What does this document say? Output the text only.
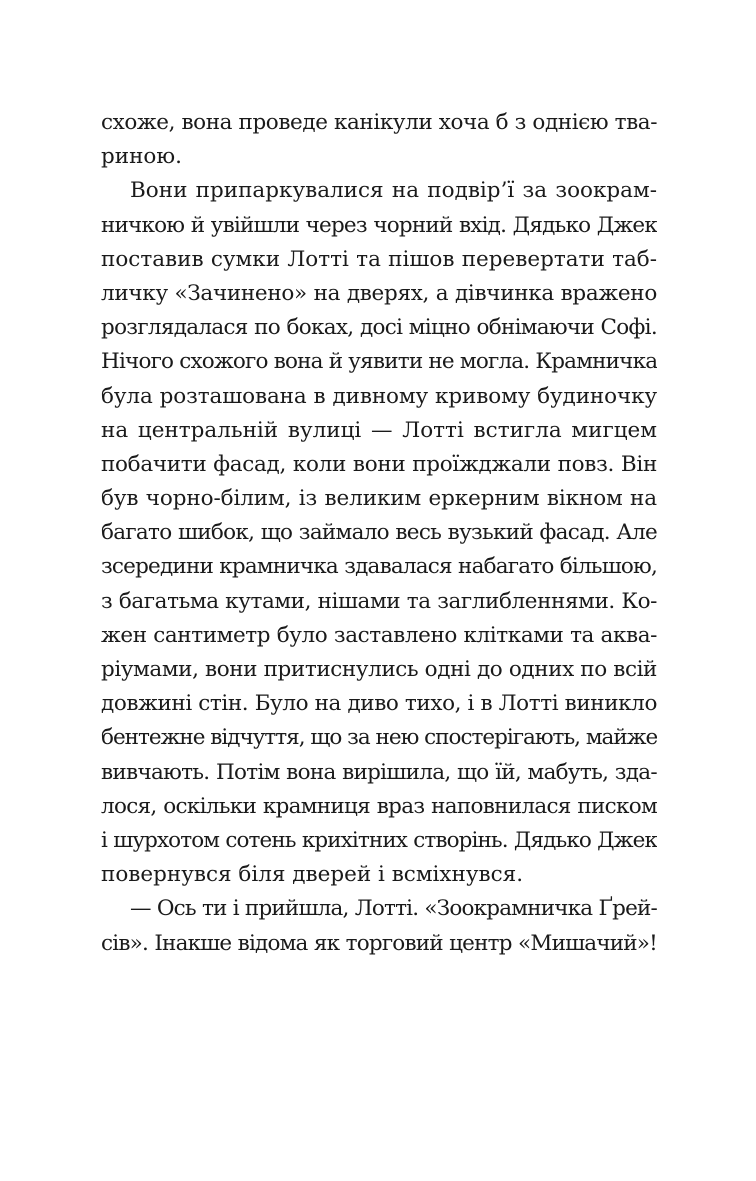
схоже, вона проведе канікули хоча б з однією тва-
риною.
Вони припаркувалися на подвір’ї за зоокрам-
ничкою й увійшли через чорний вхід. Дядько Джек
поставив сумки Лотті та пішов перевертати таб-
личку «Зачинено» на дверях, а дівчинка вражено
розглядалася по боках, досі міцно обнімаючи Софі.
Нічого схожого вона й уявити не могла. Крамничка
була розташована в дивному кривому будиночку
на центральній вулиці — Лотті встигла мигцем
побачити фасад, коли вони проїжджали повз. Він
був чорно-білим, із великим еркерним вікном на
багато шибок, що займало весь вузький фасад. Але
зсередини крамничка здавалася набагато більшою,
з багатьма кутами, нішами та заглибленнями. Ко-
жен сантиметр було заставлено клітками та аква-
ріумами, вони притиснулись одні до одних по всій
довжині стін. Було на диво тихо, і в Лотті виникло
бентежне відчуття, що за нею спостерігають, майже
вивчають. Потім вона вирішила, що їй, мабуть, зда-
лося, оскільки крамниця враз наповнилася писком
і шурхотом сотень крихітних створінь. Дядько Джек
повернувся біля дверей і всміхнувся.
— Ось ти і прийшла, Лотті. «Зоокрамничка Ґрей-
сів». Інакше відома як торговий центр «Мишачий»!
